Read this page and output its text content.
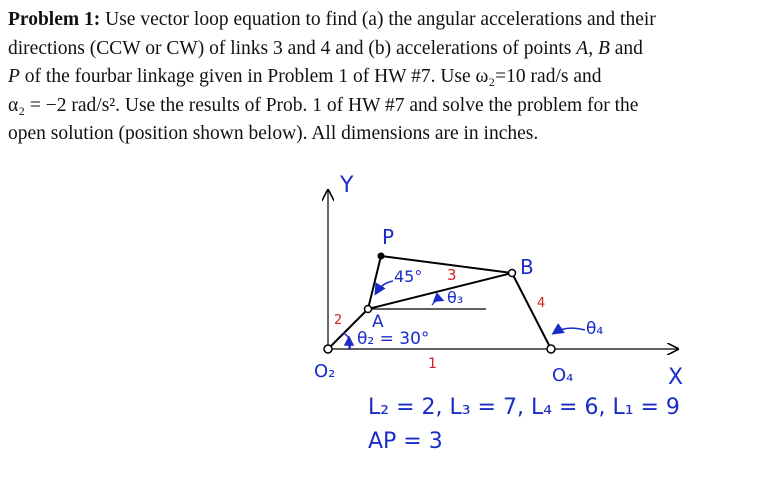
Problem 1: Use vector loop equation to find (a) the angular accelerations and their
directions (CCW or CW) of links 3 and 4 and (b) accelerations of points A, B and
P of the fourbar linkage given in Problem 1 of HW #7. Use ω₂=10 rad/s and
α₂ = −2 rad/s². Use the results of Prob. 1 of HW #7 and solve the problem for the
open solution (position shown below). All dimensions are in inches.
Y
X
P
A
B
O₂	O₄
2
3
4
1
45°
θ₃
θ₂ = 30°	θ₄
L₂ = 2, L₃ = 7, L₄ = 6, L₁ = 9
AP = 3
